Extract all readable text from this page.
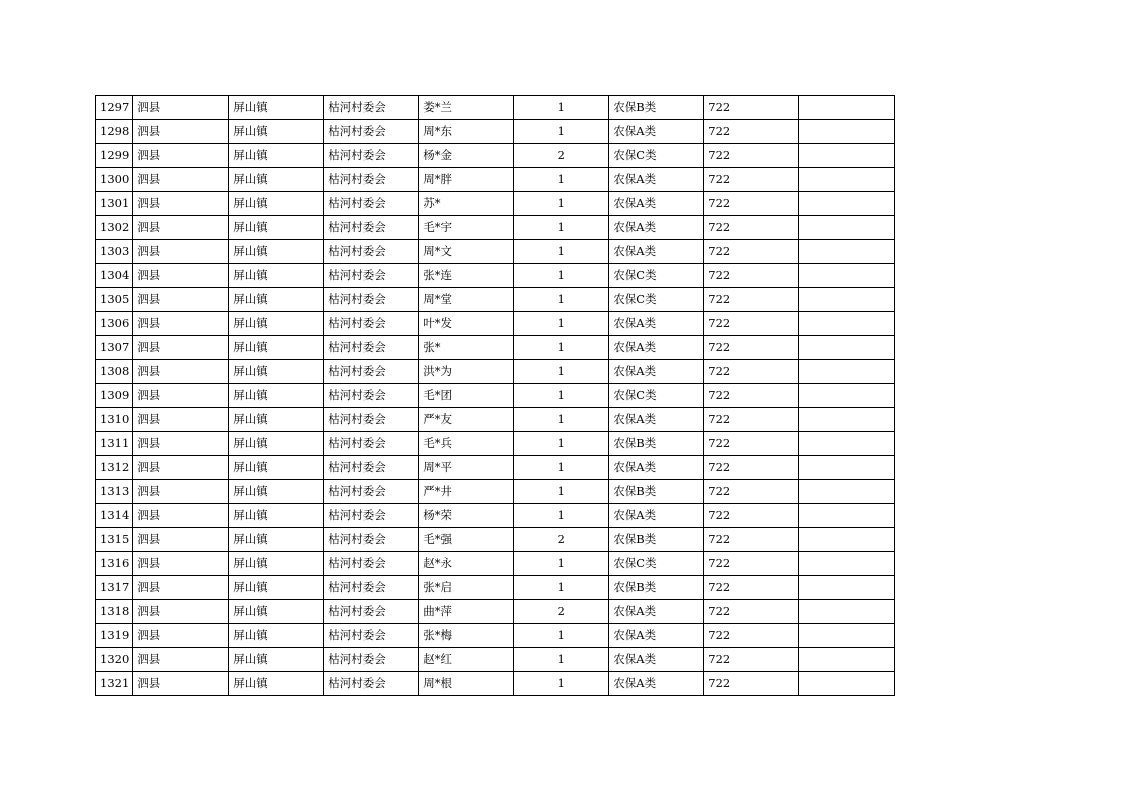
1297	泗县	屏山镇	枯河村委会	娄*兰	1	农保B类	722	
1298	泗县	屏山镇	枯河村委会	周*东	1	农保A类	722	
1299	泗县	屏山镇	枯河村委会	杨*金	2	农保C类	722	
1300	泗县	屏山镇	枯河村委会	周*胖	1	农保A类	722	
1301	泗县	屏山镇	枯河村委会	苏*	1	农保A类	722	
1302	泗县	屏山镇	枯河村委会	毛*宇	1	农保A类	722	
1303	泗县	屏山镇	枯河村委会	周*文	1	农保A类	722	
1304	泗县	屏山镇	枯河村委会	张*连	1	农保C类	722	
1305	泗县	屏山镇	枯河村委会	周*堂	1	农保C类	722	
1306	泗县	屏山镇	枯河村委会	叶*发	1	农保A类	722	
1307	泗县	屏山镇	枯河村委会	张*	1	农保A类	722	
1308	泗县	屏山镇	枯河村委会	洪*为	1	农保A类	722	
1309	泗县	屏山镇	枯河村委会	毛*团	1	农保C类	722	
1310	泗县	屏山镇	枯河村委会	严*友	1	农保A类	722	
1311	泗县	屏山镇	枯河村委会	毛*兵	1	农保B类	722	
1312	泗县	屏山镇	枯河村委会	周*平	1	农保A类	722	
1313	泗县	屏山镇	枯河村委会	严*井	1	农保B类	722	
1314	泗县	屏山镇	枯河村委会	杨*荣	1	农保A类	722	
1315	泗县	屏山镇	枯河村委会	毛*强	2	农保B类	722	
1316	泗县	屏山镇	枯河村委会	赵*永	1	农保C类	722	
1317	泗县	屏山镇	枯河村委会	张*启	1	农保B类	722	
1318	泗县	屏山镇	枯河村委会	曲*萍	2	农保A类	722	
1319	泗县	屏山镇	枯河村委会	张*梅	1	农保A类	722	
1320	泗县	屏山镇	枯河村委会	赵*红	1	农保A类	722	
1321	泗县	屏山镇	枯河村委会	周*根	1	农保A类	722	
